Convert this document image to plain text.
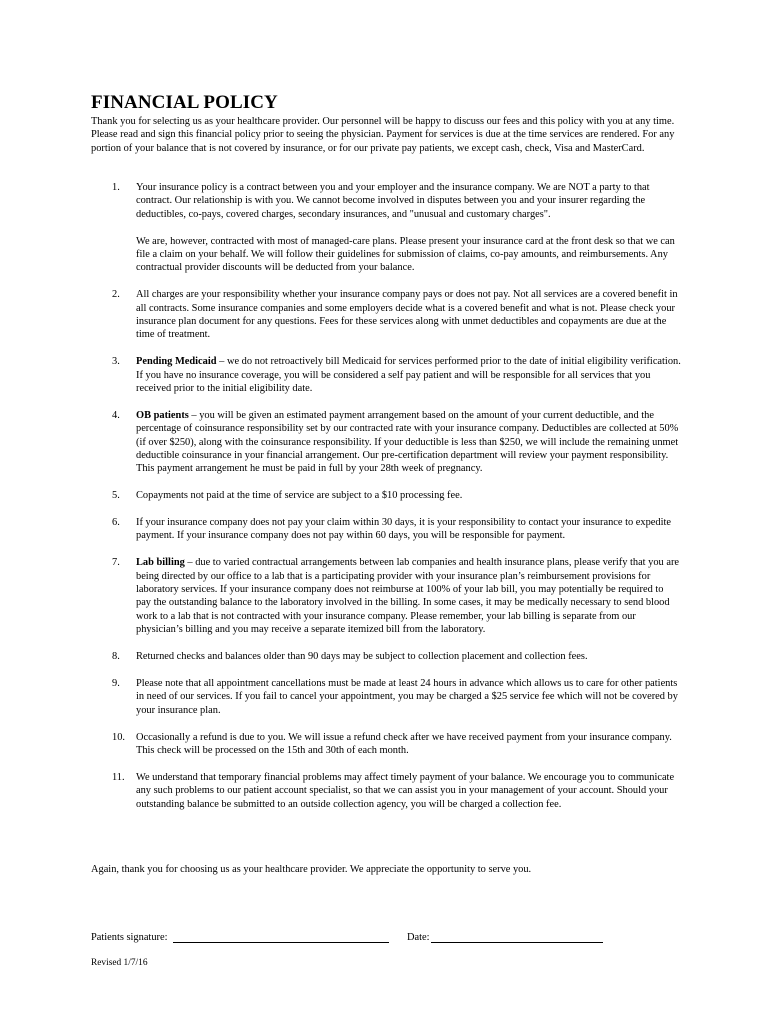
FINANCIAL POLICY

Thank you for selecting us as your healthcare provider. Our personnel will be happy to discuss our fees and this policy with you at any time. Please read and sign this financial policy prior to seeing the physician. Payment for services is due at the time services are rendered. For any portion of your balance that is not covered by insurance, or for our private pay patients, we except cash, check, Visa and MasterCard.

1. Your insurance policy is a contract between you and your employer and the insurance company. We are NOT a party to that contract. Our relationship is with you. We cannot become involved in disputes between you and your insurer regarding the deductibles, co-pays, covered charges, secondary insurances, and "unusual and customary charges".

We are, however, contracted with most of managed-care plans. Please present your insurance card at the front desk so that we can file a claim on your behalf. We will follow their guidelines for submission of claims, co-pay amounts, and reimbursements. Any contractual provider discounts will be deducted from your balance.

2. All charges are your responsibility whether your insurance company pays or does not pay. Not all services are a covered benefit in all contracts. Some insurance companies and some employers decide what is a covered benefit and what is not. Please check your insurance plan document for any questions. Fees for these services along with unmet deductibles and copayments are due at the time of treatment.

3. Pending Medicaid – we do not retroactively bill Medicaid for services performed prior to the date of initial eligibility verification. If you have no insurance coverage, you will be considered a self pay patient and will be responsible for all services that you received prior to the initial eligibility date.

4. OB patients – you will be given an estimated payment arrangement based on the amount of your current deductible, and the percentage of coinsurance responsibility set by our contracted rate with your insurance company. Deductibles are collected at 50% (if over $250), along with the coinsurance responsibility. If your deductible is less than $250, we will include the remaining unmet deductible coinsurance in your financial arrangement. Our pre-certification department will review your payment responsibility. This payment arrangement he must be paid in full by your 28th week of pregnancy.

5. Copayments not paid at the time of service are subject to a $10 processing fee.

6. If your insurance company does not pay your claim within 30 days, it is your responsibility to contact your insurance to expedite payment. If your insurance company does not pay within 60 days, you will be responsible for payment.

7. Lab billing – due to varied contractual arrangements between lab companies and health insurance plans, please verify that you are being directed by our office to a lab that is a participating provider with your insurance plan’s reimbursement provisions for laboratory services. If your insurance company does not reimburse at 100% of your lab bill, you may potentially be required to pay the outstanding balance to the laboratory involved in the billing. In some cases, it may be medically necessary to send blood work to a lab that is not contracted with your insurance company. Please remember, your lab billing is separate from our physician’s billing and you may receive a separate itemized bill from the laboratory.

8. Returned checks and balances older than 90 days may be subject to collection placement and collection fees.

9. Please note that all appointment cancellations must be made at least 24 hours in advance which allows us to care for other patients in need of our services. If you fail to cancel your appointment, you may be charged a $25 service fee which will not be covered by your insurance plan.

10. Occasionally a refund is due to you. We will issue a refund check after we have received payment from your insurance company. This check will be processed on the 15th and 30th of each month.

11. We understand that temporary financial problems may affect timely payment of your balance. We encourage you to communicate any such problems to our patient account specialist, so that we can assist you in your management of your account. Should your outstanding balance be submitted to an outside collection agency, you will be charged a collection fee.

Again, thank you for choosing us as your healthcare provider. We appreciate the opportunity to serve you.

Patients signature:	Date:

Revised 1/7/16
